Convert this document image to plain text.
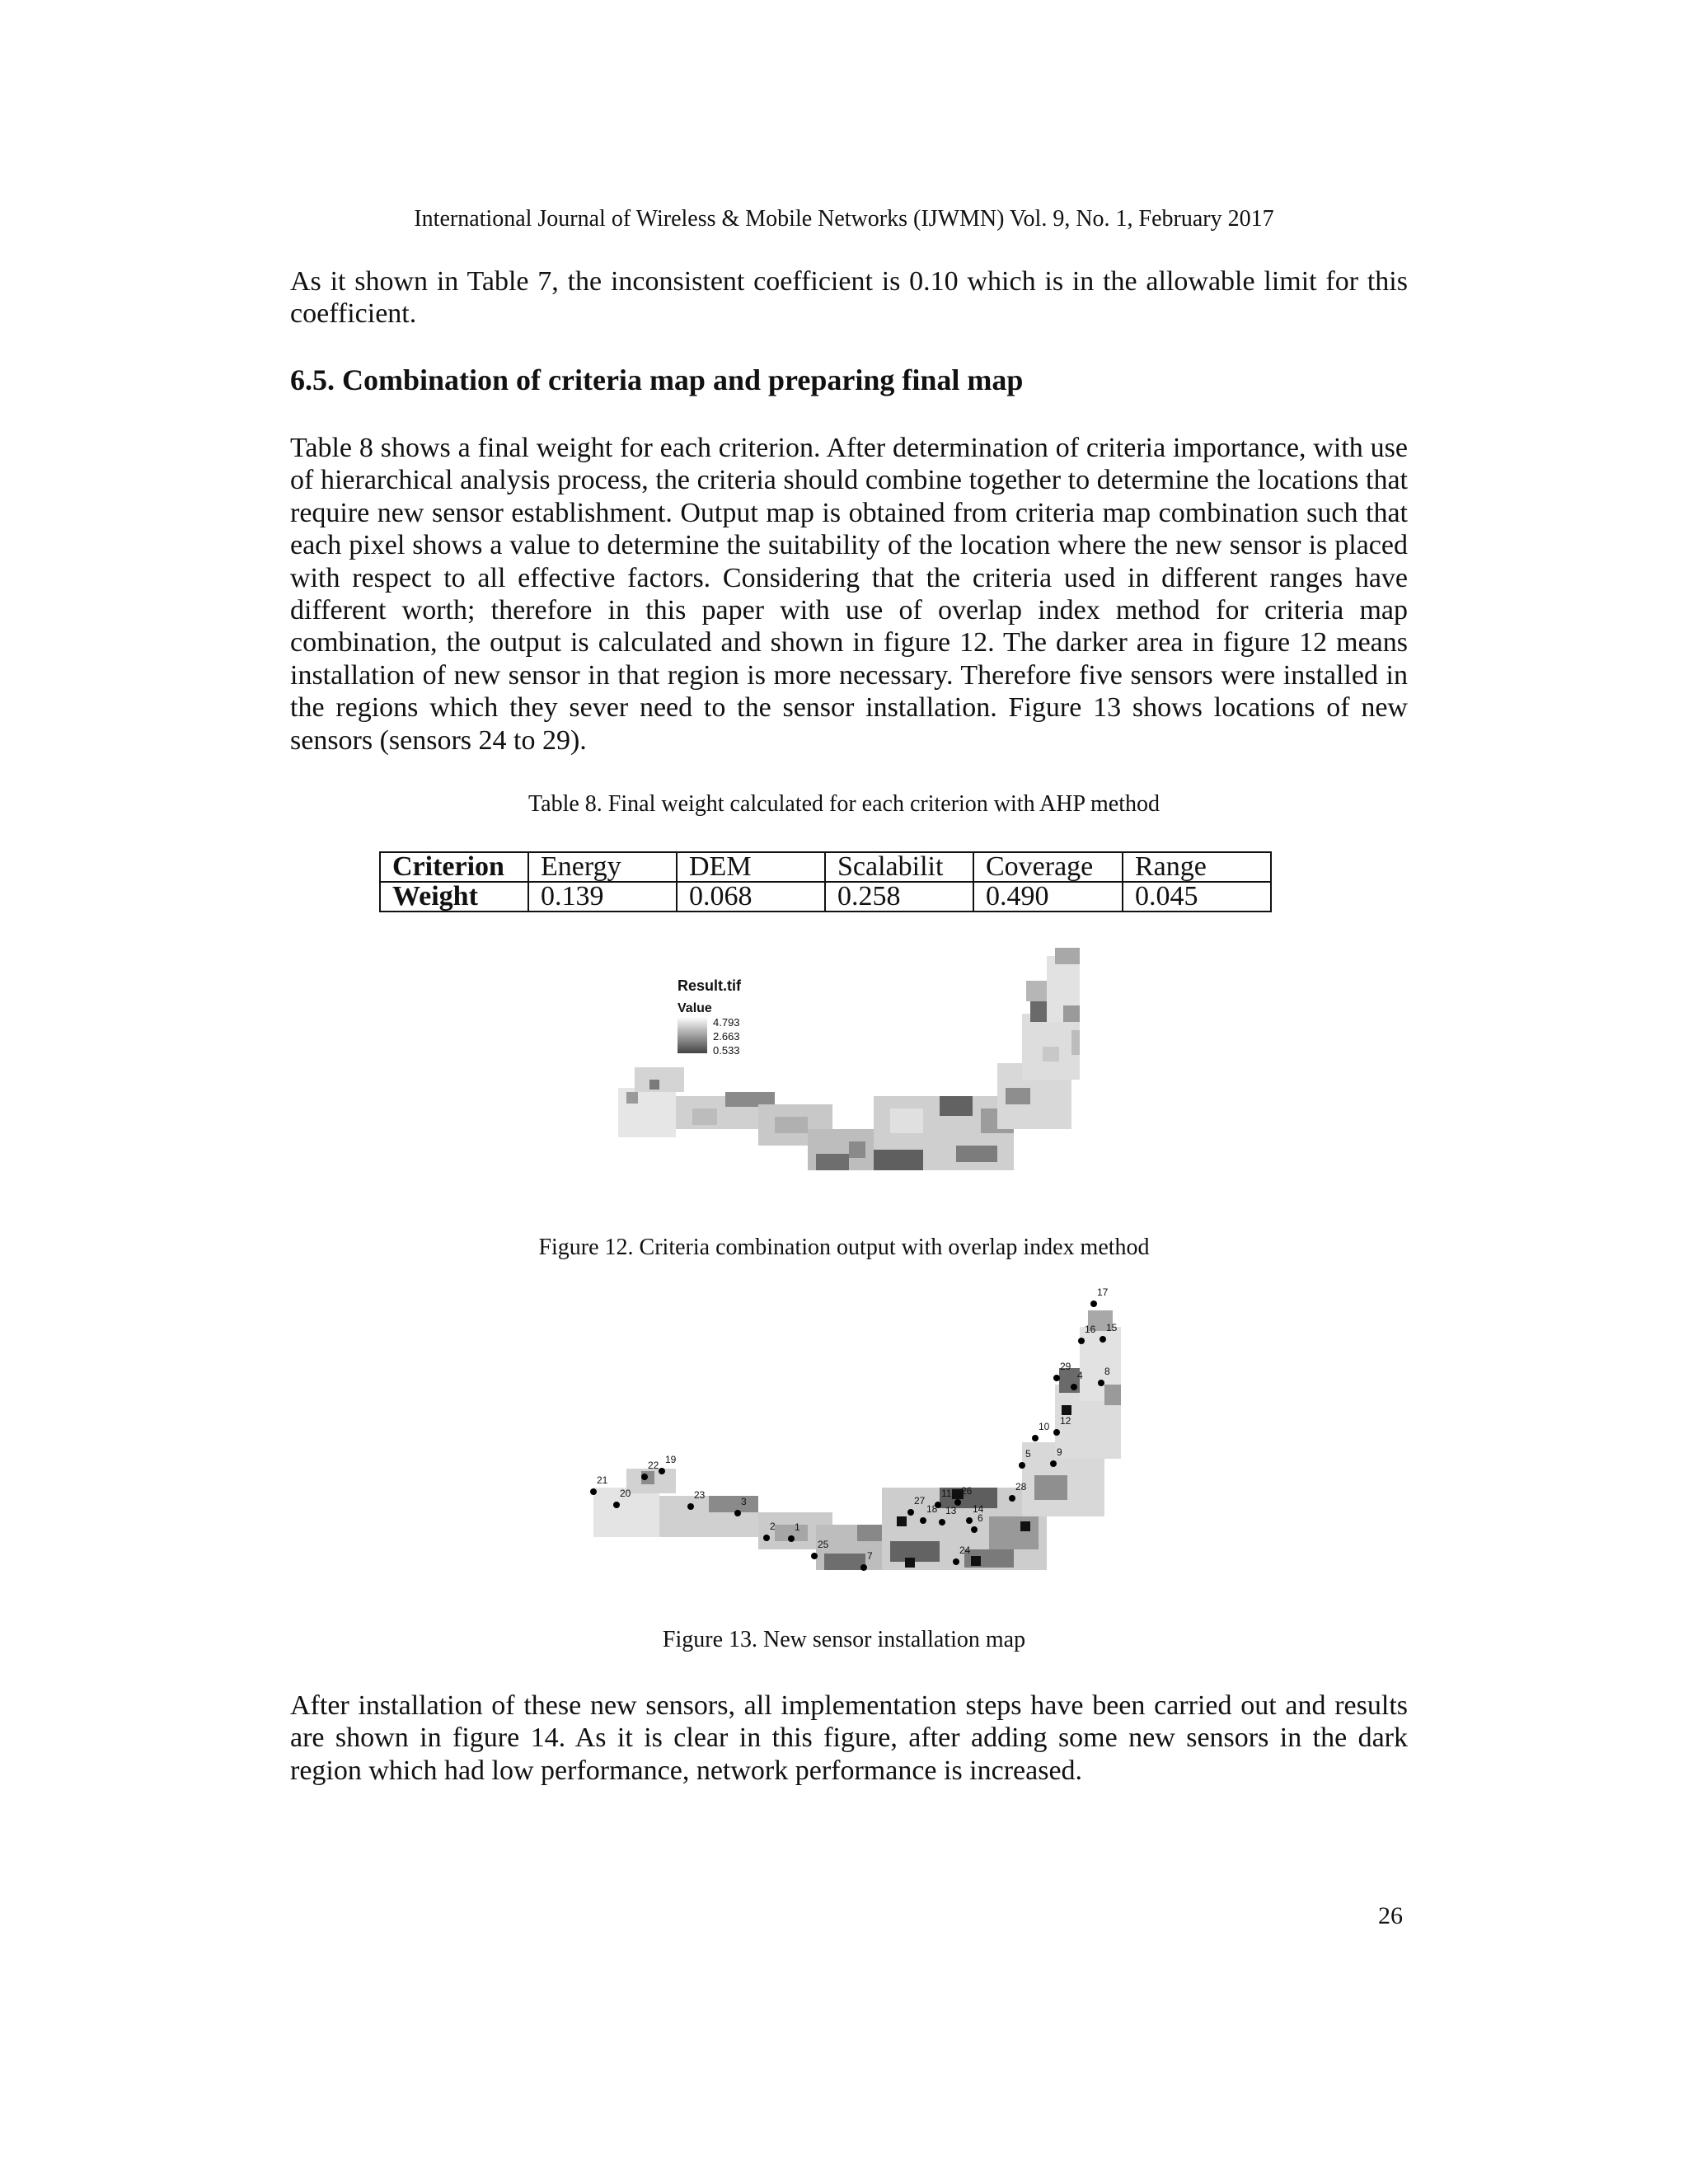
International Journal of Wireless & Mobile Networks (IJWMN) Vol. 9, No. 1, February 2017

As it shown in Table 7, the inconsistent coefficient is 0.10 which is in the allowable limit for this coefficient.

6.5. Combination of criteria map and preparing final map

Table 8 shows a final weight for each criterion. After determination of criteria importance, with use of hierarchical analysis process, the criteria should combine together to determine the locations that require new sensor establishment. Output map is obtained from criteria map combination such that each pixel shows a value to determine the suitability of the location where the new sensor is placed with respect to all effective factors. Considering that the criteria used in different ranges have different worth; therefore in this paper with use of overlap index method for criteria map combination, the output is calculated and shown in figure 12. The darker area in figure 12 means installation of new sensor in that region is more necessary. Therefore five sensors were installed in the regions which they sever need to the sensor installation. Figure 13 shows locations of new sensors (sensors 24 to 29).

Table 8. Final weight calculated for each criterion with AHP method
Criterion	Energy	DEM	Scalabilit	Coverage	Range
Weight	0.139	0.068	0.258	0.490	0.045
Result.tif
Value
4.793
2.663
0.533
Figure 12. Criteria combination output with overlap index method
17
16 15
29	8
4
12
10
5	9
28
11 26
27
18 13 14
6
19
22
21
20	23
3
2 1
25
7	24
Figure 13. New sensor installation map

After installation of these new sensors, all implementation steps have been carried out and results are shown in figure 14. As it is clear in this figure, after adding some new sensors in the dark region which had low performance, network performance is increased.

26
